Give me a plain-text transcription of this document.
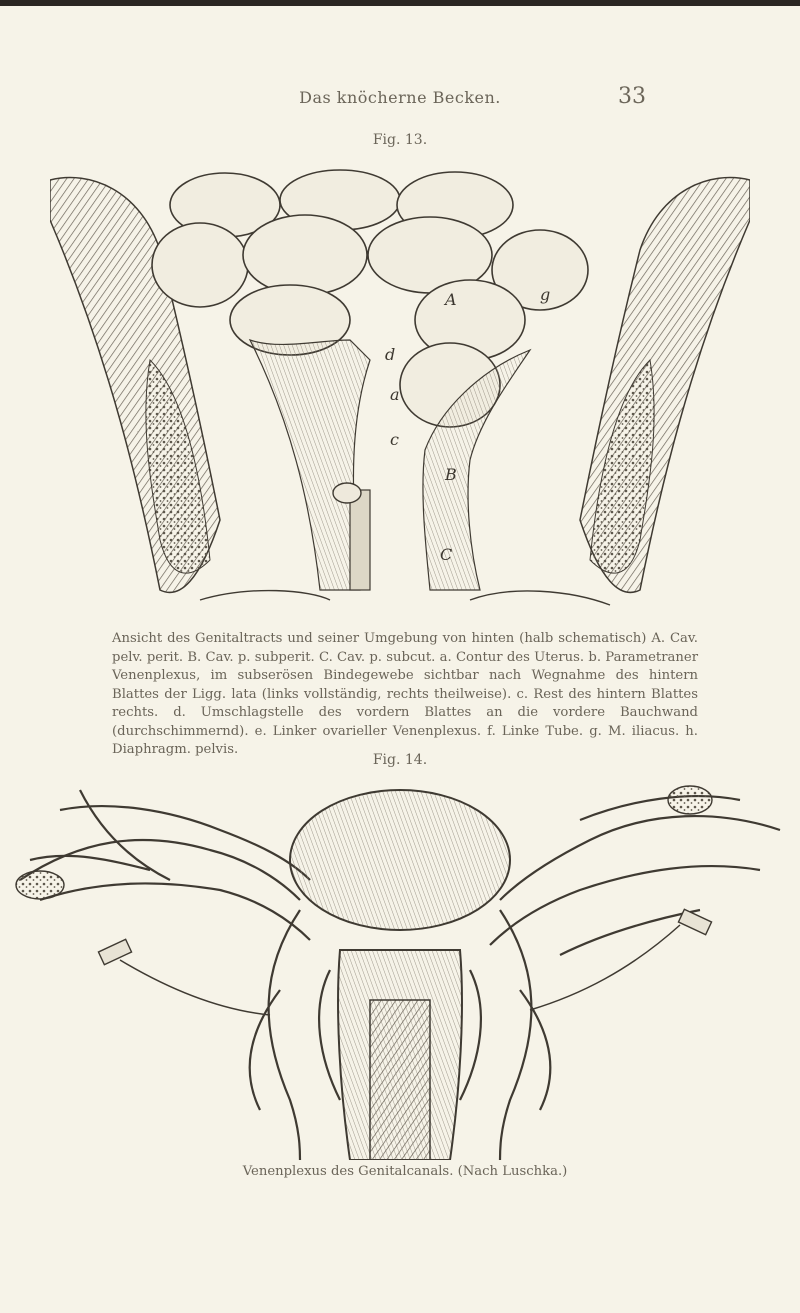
Das knöcherne Becken.	33
Fig. 13.
A
a
B
c
C
d
g
Ansicht des Genitaltracts und seiner Umgebung von hinten (halb schematisch) A. Cav. pelv. perit. B. Cav. p. subperit. C. Cav. p. subcut. a. Contur des Uterus. b. Parametraner Venenplexus, im subserösen Bindegewebe sichtbar nach Wegnahme des hintern Blattes der Ligg. lata (links vollständig, rechts theilweise). c. Rest des hintern Blattes rechts. d. Umschlagstelle des vordern Blattes an die vordere Bauchwand (durchschimmernd). e. Linker ovarieller Venenplexus. f. Linke Tube. g. M. iliacus. h. Diaphragm. pelvis.
Fig. 14.
Venenplexus des Genitalcanals. (Nach Luschka.)
